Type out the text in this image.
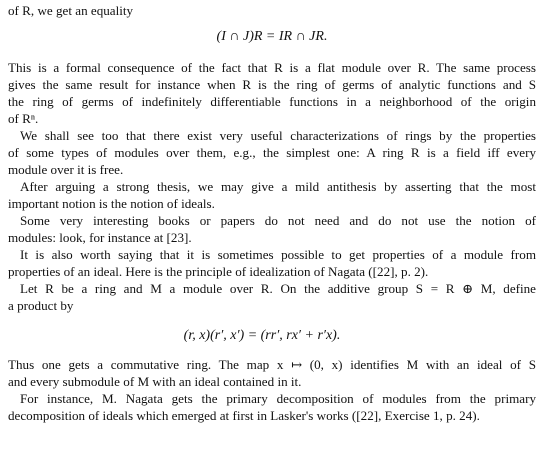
of R, we get an equality
(I ∩ J)R = IR ∩ JR.
This is a formal consequence of the fact that R is a flat module over R. The same process
gives the same result for instance when R is the ring of germs of analytic functions and S
the ring of germs of indefinitely differentiable functions in a neighborhood of the origin
of Rⁿ.
We shall see too that there exist very useful characterizations of rings by the properties
of some types of modules over them, e.g., the simplest one: A ring R is a field iff every
module over it is free.
After arguing a strong thesis, we may give a mild antithesis by asserting that the most
important notion is the notion of ideals.
Some very interesting books or papers do not need and do not use the notion of
modules: look, for instance at [23].
It is also worth saying that it is sometimes possible to get properties of a module from
properties of an ideal. Here is the principle of idealization of Nagata ([22], p. 2).
Let R be a ring and M a module over R. On the additive group S = R ⊕ M, define
a product by
(r, x)(r′, x′) = (rr′, rx′ + r′x).
Thus one gets a commutative ring. The map x ↦ (0, x) identifies M with an ideal of S
and every submodule of M with an ideal contained in it.
For instance, M. Nagata gets the primary decomposition of modules from the primary
decomposition of ideals which emerged at first in Lasker's works ([22], Exercise 1, p. 24).
